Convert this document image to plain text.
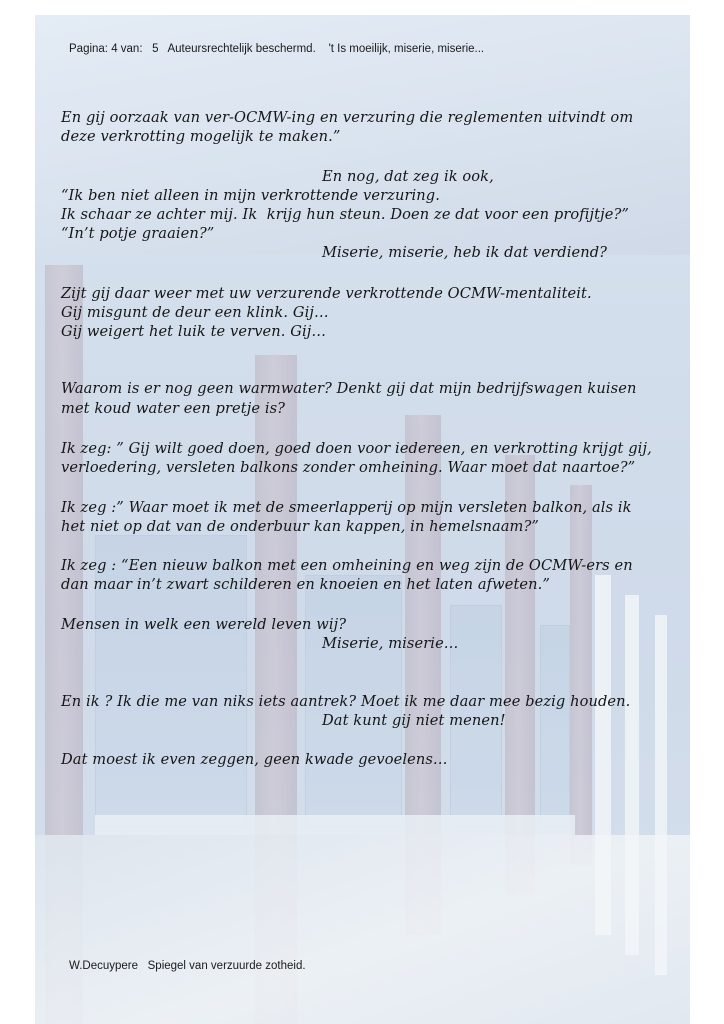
Pagina: 4 van: 5 Auteursrechtelijk beschermd. 't Is moeilijk, miserie, miserie...
En gij oorzaak van ver-OCMW-ing en verzuring die reglementen uitvindt om
deze verkrotting mogelijk te maken.”
En nog, dat zeg ik ook,
“Ik ben niet alleen in mijn verkrottende verzuring.
Ik schaar ze achter mij. Ik  krijg hun steun. Doen ze dat voor een profijtje?”
“In’t potje graaien?”
Miserie, miserie, heb ik dat verdiend?
Zijt gij daar weer met uw verzurende verkrottende OCMW-mentaliteit.
Gij misgunt de deur een klink. Gij…
Gij weigert het luik te verven. Gij…
Waarom is er nog geen warmwater? Denkt gij dat mijn bedrijfswagen kuisen
met koud water een pretje is?
Ik zeg: ” Gij wilt goed doen, goed doen voor iedereen, en verkrotting krijgt gij,
verloedering, versleten balkons zonder omheining. Waar moet dat naartoe?”
Ik zeg :” Waar moet ik met de smeerlapperij op mijn versleten balkon, als ik
het niet op dat van de onderbuur kan kappen, in hemelsnaam?”
Ik zeg : “Een nieuw balkon met een omheining en weg zijn de OCMW-ers en
dan maar in’t zwart schilderen en knoeien en het laten afweten.”
Mensen in welk een wereld leven wij?
Miserie, miserie…
En ik ? Ik die me van niks iets aantrek? Moet ik me daar mee bezig houden.
Dat kunt gij niet menen!
Dat moest ik even zeggen, geen kwade gevoelens…
W.Decuypere Spiegel van verzuurde zotheid.
